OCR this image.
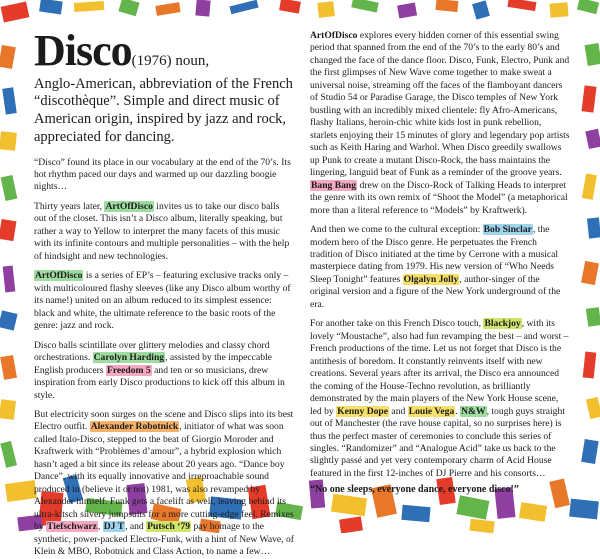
Disco(1976) noun,
Anglo-American, abbreviation of the French “discothèque”. Simple and direct music of American origin, inspired by jazz and rock, appreciated for dancing.

“Disco” found its place in our vocabulary at the end of the 70’s. Its hot rhythm paced our days and warmed up our dazzling boogie nights…

Thirty years later, ArtOfDisco invites us to take our disco balls out of the closet. This isn’t a Disco album, literally speaking, but rather a way to Yellow to interpret the many facets of this music with its infinite contours and multiple personalities – with the help of hindsight and new technologies.

ArtOfDisco is a series of EP’s – featuring exclusive tracks only – with multicoloured flashy sleeves (like any Disco album worthy of its name!) united on an album reduced to its simplest essence: black and white, the ultimate reference to the basic roots of the genre: jazz and rock.

Disco balls scintillate over glittery melodies and classy chord orchestrations. Carolyn Harding, assisted by the impeccable English producers Freedom 5 and ten or so musicians, drew inspiration from early Disco productions to kick off this album in style.

But electricity soon surges on the scene and Disco slips into its best Electro outfit. Alexander Robotnick, initiator of what was soon called Italo-Disco, stepped to the beat of Giorgio Moroder and Kraftwerk with “Problèmes d’amour”, a hybrid explosion which hasn’t aged a bit since its release about 20 years ago. “Dance boy Dance”, with its equally innovative and irreproachable sound produced in (believe it or not) 1981, was also revamped by Alexander himself. Funk gets a facelift as well, leaving behind its ultra-kitsch silvery jumpsuits for a more cutting-edge feel. Remixes by Tiefschwarz, DJ T, and Putsch ‘79 pay homage to the synthetic, power-packed Electro-Funk, with a hint of New Wave, of Klein & MBO, Robotnick and Class Action, to name a few…

ArtOfDisco explores every hidden corner of this essential swing period that spanned from the end of the 70’s to the early 80’s and changed the face of the dance floor. Disco, Funk, Electro, Punk and the first glimpses of New Wave come together to make sweat a universal noise, streaming off the faces of the flamboyant dancers of Studio 54 or Paradise Garage, the Disco temples of New York bustling with an incredibly mixed clientele: fly Afro-Americans, flashy Italians, heroin-chic white kids lost in punk rebellion, starlets enjoying their 15 minutes of glory and legendary pop artists such as Keith Haring and Warhol. When Disco greedily swallows up Punk to create a mutant Disco-Rock, the bass maintains the lingering, languid beat of Funk as a reminder of the groove years. Bang Bang drew on the Disco-Rock of Talking Heads to interpret the genre with its own remix of “Shoot the Model” (a metaphorical more than a literal reference to “Models” by Kraftwerk).

And then we come to the cultural exception: Bob Sinclar, the modern hero of the Disco genre. He perpetuates the French tradition of Disco initiated at the time by Cerrone with a musical masterpiece dating from 1979. His new version of “Who Needs Sleep Tonight” features Olgalyn Jolly, author-singer of the original version and a figure of the New York underground of the era.

For another take on this French Disco touch, Blackjoy, with its lovely “Moustache”, also had fun revamping the best – and worst – French productions of the time. Let us not forget that Disco is the antithesis of boredom. It constantly reinvents itself with new creations. Several years after its arrival, the Disco era announced the coming of the House-Techno revolution, as brilliantly demonstrated by the main players of the New York House scene, led by Kenny Dope and Louie Vega. N&W, tough guys straight out of Manchester (the rave house capital, so no surprises here) is thus the perfect master of ceremonies to conclude this series of singles. “Randomizer” and “Analogue Acid” take us back to the slightly passé and yet very contemporary charm of Acid House featured in the first 12-inches of DJ Pierre and his consorts…

“No one sleeps, everyone dance, everyone disco!”
